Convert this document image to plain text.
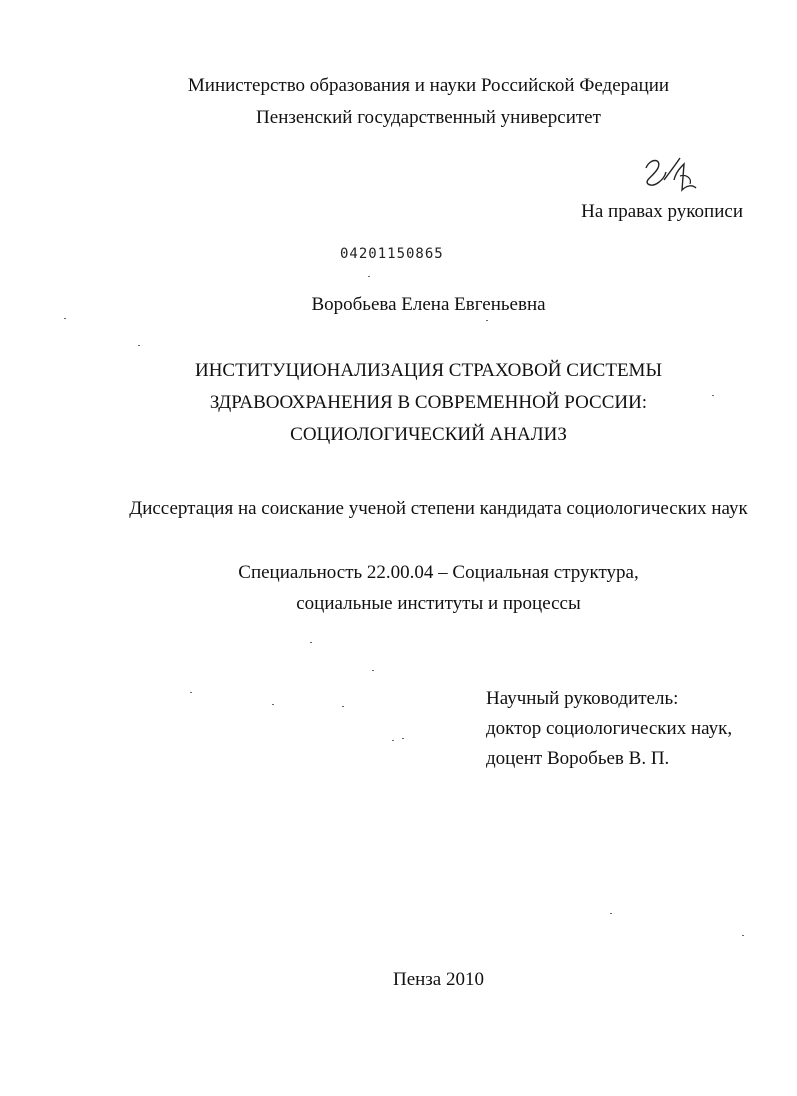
Министерство образования и науки Российской Федерации
Пензенский государственный университет
На правах рукописи
04201150865
Воробьева Елена Евгеньевна
ИНСТИТУЦИОНАЛИЗАЦИЯ СТРАХОВОЙ СИСТЕМЫ
ЗДРАВООХРАНЕНИЯ В СОВРЕМЕННОЙ РОССИИ:
СОЦИОЛОГИЧЕСКИЙ АНАЛИЗ
Диссертация на соискание ученой степени кандидата социологических наук
Специальность 22.00.04 – Социальная структура,
социальные институты и процессы
Научный руководитель:
доктор социологических наук,
доцент Воробьев В. П.
Пенза 2010
